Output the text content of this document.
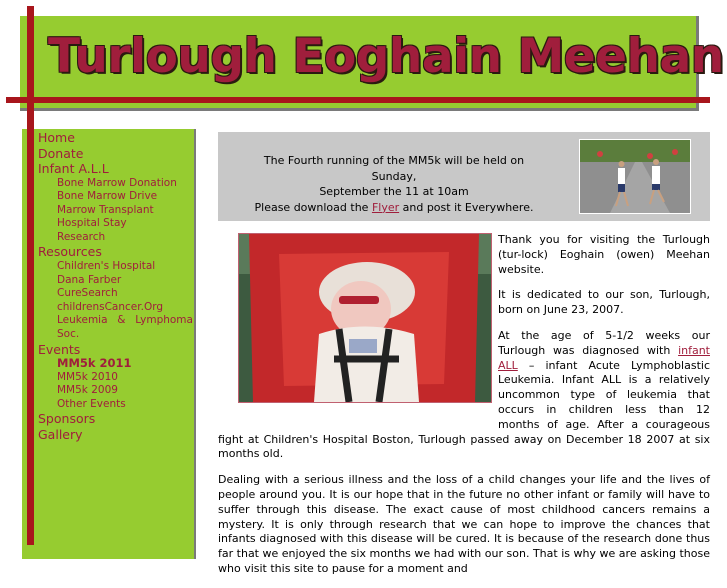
Turlough Eoghain Meehan
Home
Donate
Infant A.L.L
Bone Marrow Donation
Bone Marrow Drive
Marrow Transplant
Hospital Stay
Research
Resources
Children's Hospital
Dana Farber
CureSearch
childrensCancer.Org
Leukemia & Lymphoma
Soc.
Events
MM5k 2011
MM5k 2010
MM5k 2009
Other Events
Sponsors
Gallery
The Fourth running of the MM5k will be held on Sunday,
September the 11 at 10am
Please download the Flyer and post it Everywhere.

Thank you for visiting the Turlough (tur-lock) Eoghain (owen) Meehan website.

It is dedicated to our son, Turlough, born on June 23, 2007.

At the age of 5-1/2 weeks our Turlough was diagnosed with infant ALL – infant Acute Lymphoblastic Leukemia. Infant ALL is a relatively uncommon type of leukemia that occurs in children less than 12 months of age. After a courageous fight at Children's Hospital Boston, Turlough passed away on December 18 2007 at six months old.

Dealing with a serious illness and the loss of a child changes your life and the lives of people around you. It is our hope that in the future no other infant or family will have to suffer through this disease. The exact cause of most childhood cancers remains a mystery. It is only through research that we can hope to improve the chances that infants diagnosed with this disease will be cured. It is because of the research done thus far that we enjoyed the six months we had with our son. That is why we are asking those who visit this site to pause for a moment and
